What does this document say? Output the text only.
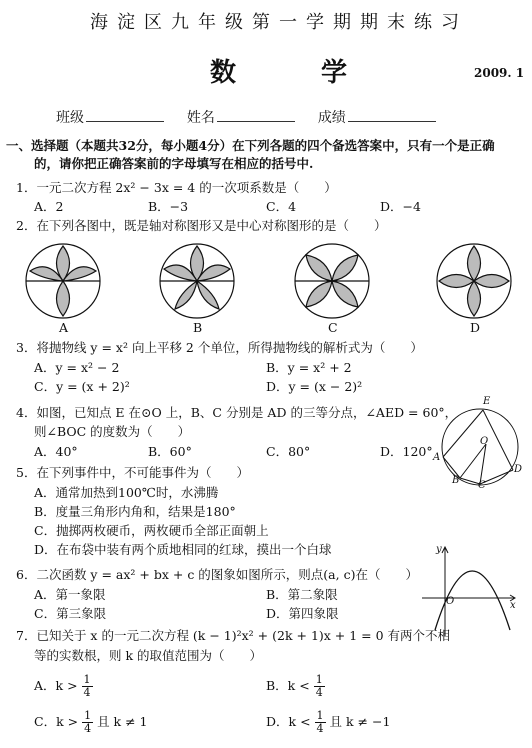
海淀区九年级第一学期期末练习
数 学	2009. 1
班级	姓名	成绩
一、选择题（本题共32分，每小题4分）在下列各题的四个备选答案中，只有一个是正确
的，请你把正确答案前的字母填写在相应的括号中.
1．一元二次方程 2x² − 3x = 4 的一次项系数是（　　）
A．2	B．−3	C．4	D．−4
2．在下列各图中，既是轴对称图形又是中心对称图形的是（　　）
A	B	C	D
3．将抛物线 y = x² 向上平移 2 个单位，所得抛物线的解析式为（　　）
A．y = x² − 2	B．y = x² + 2
C．y = (x + 2)²	D．y = (x − 2)²
4．如图，已知点 E 在⊙O 上，B、C 分别是 AD 的三等分点，∠AED = 60°，
则∠BOC 的度数为（　　）
A．40°	B．60°	C．80°	D．120°
E
O
A
B C
D
5．在下列事件中，不可能事件为（　　）
A．通常加热到100℃时，水沸腾
B．度量三角形内角和，结果是180°
C．抛掷两枚硬币，两枚硬币全部正面朝上
D．在布袋中装有两个质地相同的红球，摸出一个白球
6．二次函数 y = ax² + bx + c 的图象如图所示，则点(a, c)在（　　）
A．第一象限	B．第二象限
C．第三象限	D．第四象限
y
x
O
7．已知关于 x 的一元二次方程 (k − 1)²x² + (2k + 1)x + 1 = 0 有两个不相
等的实数根，则 k 的取值范围为（　　）
A．$k > \frac{1}{4}$	B．$k < \frac{1}{4}$
C．$k > \frac{1}{4}$ 且 k ≠ 1	D．$k < \frac{1}{4}$ 且 k ≠ −1
